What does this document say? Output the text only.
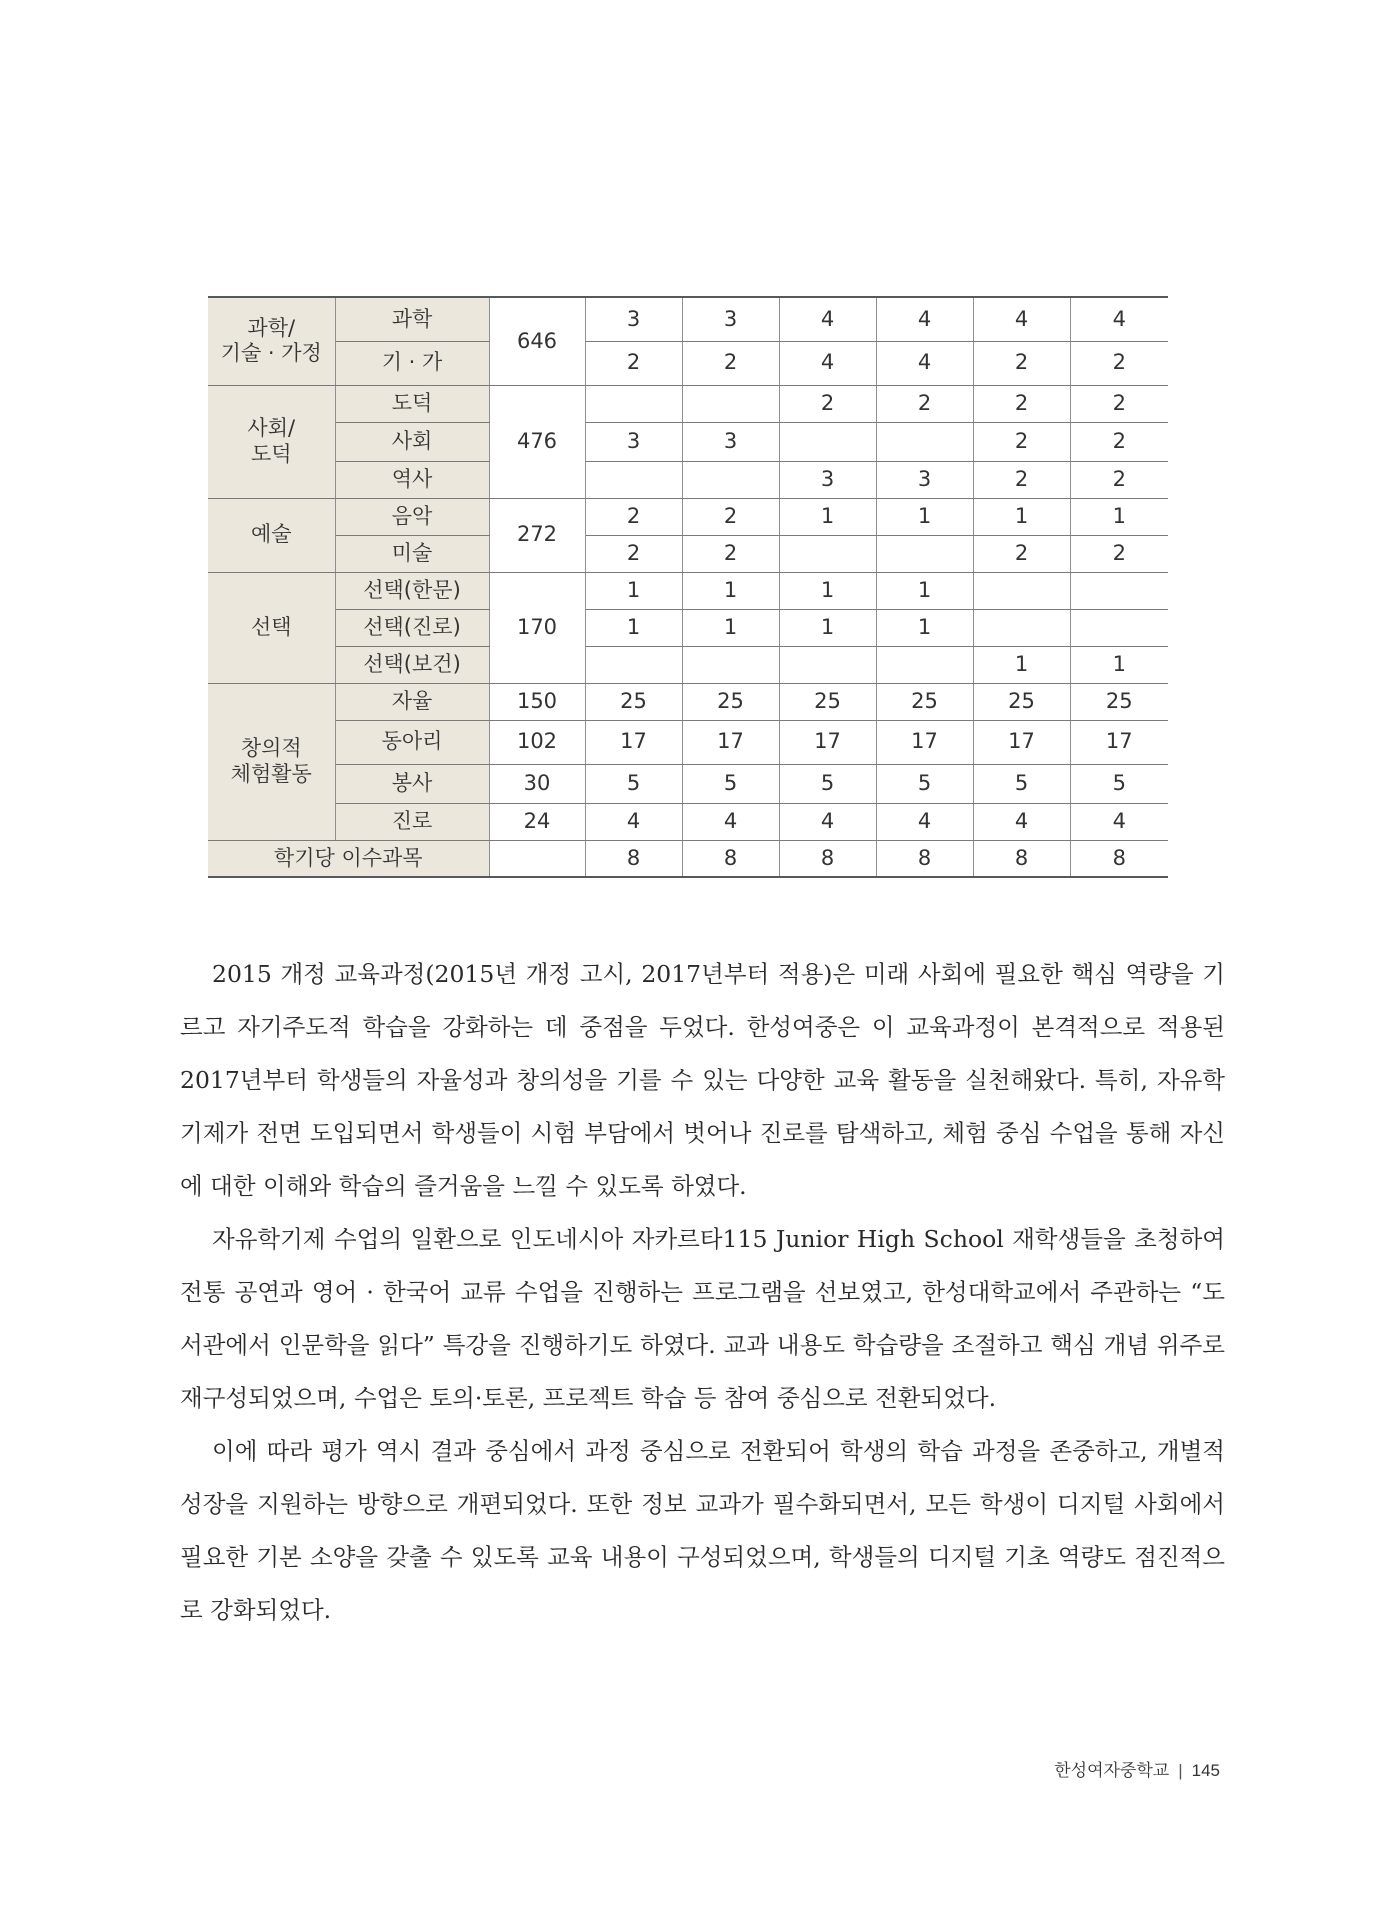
과학/
기술 · 가정	과학	646	3	3	4	4	4	4
	기 · 가		2	2	4	4	2	2
사회/
도덕	도덕	476			2	2	2	2
	사회		3	3			2	2
	역사				3	3	2	2
예술	음악	272	2	2	1	1	1	1
	미술		2	2			2	2
선택	선택(한문)	170	1	1	1	1		
	선택(진로)		1	1	1	1		
	선택(보건)						1	1
창의적
체험활동	자율	150	25	25	25	25	25	25
	동아리	102	17	17	17	17	17	17
	봉사	30	5	5	5	5	5	5
	진로	24	4	4	4	4	4	4
학기당 이수과목			8	8	8	8	8	8

2015 개정 교육과정(2015년 개정 고시, 2017년부터 적용)은 미래 사회에 필요한 핵심 역량을 기르고 자기주도적 학습을 강화하는 데 중점을 두었다. 한성여중은 이 교육과정이 본격적으로 적용된 2017년부터 학생들의 자율성과 창의성을 기를 수 있는 다양한 교육 활동을 실천해왔다. 특히, 자유학기제가 전면 도입되면서 학생들이 시험 부담에서 벗어나 진로를 탐색하고, 체험 중심 수업을 통해 자신에 대한 이해와 학습의 즐거움을 느낄 수 있도록 하였다.

자유학기제 수업의 일환으로 인도네시아 자카르타115 Junior High School 재학생들을 초청하여 전통 공연과 영어 · 한국어 교류 수업을 진행하는 프로그램을 선보였고, 한성대학교에서 주관하는 “도서관에서 인문학을 읽다” 특강을 진행하기도 하였다. 교과 내용도 학습량을 조절하고 핵심 개념 위주로 재구성되었으며, 수업은 토의·토론, 프로젝트 학습 등 참여 중심으로 전환되었다.

이에 따라 평가 역시 결과 중심에서 과정 중심으로 전환되어 학생의 학습 과정을 존중하고, 개별적 성장을 지원하는 방향으로 개편되었다. 또한 정보 교과가 필수화되면서, 모든 학생이 디지털 사회에서 필요한 기본 소양을 갖출 수 있도록 교육 내용이 구성되었으며, 학생들의 디지털 기초 역량도 점진적으로 강화되었다.

한성여자중학교 | 145
